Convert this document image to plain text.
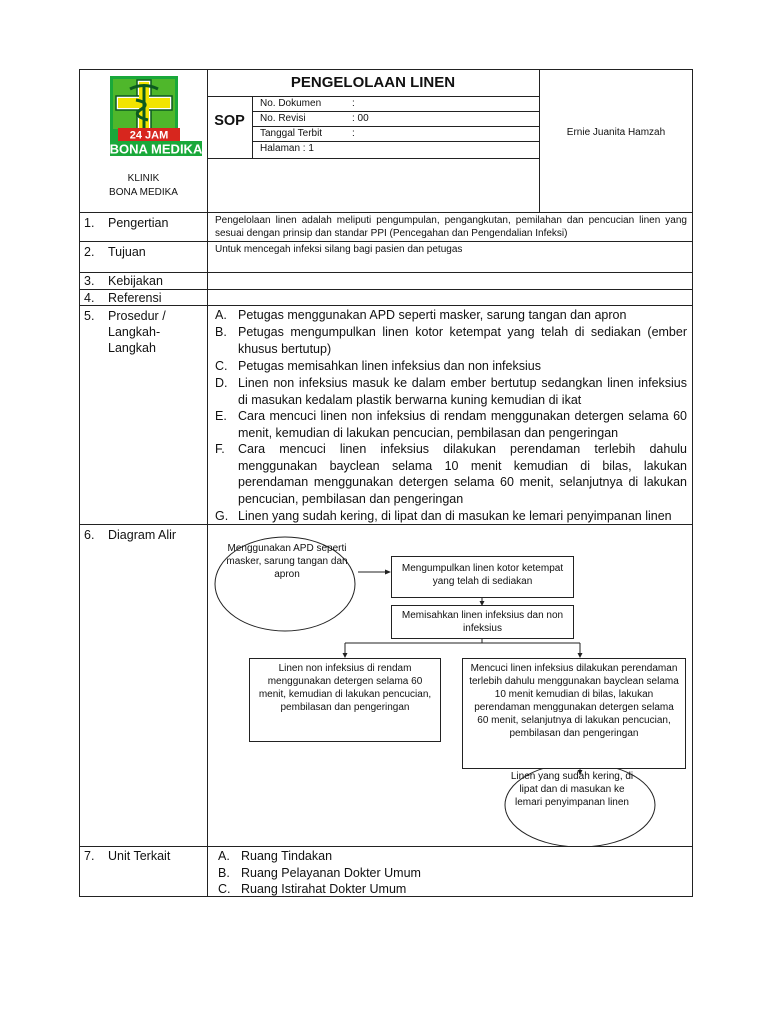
24 JAM
BONA MEDIKA
KLINIK
BONA MEDIKA
PENGELOLAAN LINEN
SOP
No. Dokumen	:
No. Revisi	: 00
Tanggal Terbit	:
Halaman : 1
Ernie Juanita Hamzah
1. Pengertian	Pengelolaan linen adalah meliputi pengumpulan, pengangkutan, pemilahan dan pencucian linen yang sesuai dengan prinsip dan standar PPI (Pencegahan dan Pengendalian Infeksi)
2. Tujuan	Untuk mencegah infeksi silang bagi pasien dan petugas
3. Kebijakan
4. Referensi
5. Prosedur /
Langkah-
Langkah
A. Petugas menggunakan APD seperti masker, sarung tangan dan apron
B. Petugas mengumpulkan linen kotor ketempat yang telah di sediakan (ember khusus bertutup)
C. Petugas memisahkan linen infeksius dan non infeksius
D. Linen non infeksius masuk ke dalam ember bertutup sedangkan linen infeksius di masukan kedalam plastik berwarna kuning kemudian di ikat
E. Cara mencuci linen non infeksius di rendam menggunakan detergen selama 60 menit, kemudian di lakukan pencucian, pembilasan dan pengeringan
F. Cara mencuci linen infeksius dilakukan perendaman terlebih dahulu menggunakan bayclean selama 10 menit kemudian di bilas, lakukan perendaman menggunakan detergen selama 60 menit, selanjutnya di lakukan pencucian, pembilasan dan pengeringan
G. Linen yang sudah kering, di lipat dan di masukan ke lemari penyimpanan linen
6. Diagram Alir
Menggunakan APD seperti masker, sarung tangan dan apron
Mengumpulkan linen kotor ketempat yang telah di sediakan
Memisahkan linen infeksius dan non infeksius
Linen non infeksius di rendam menggunakan detergen selama 60 menit, kemudian di lakukan pencucian, pembilasan dan pengeringan
Mencuci linen infeksius dilakukan perendaman terlebih dahulu menggunakan bayclean selama 10 menit kemudian di bilas, lakukan perendaman menggunakan detergen selama 60 menit, selanjutnya di lakukan pencucian, pembilasan dan pengeringan
Linen yang sudah kering, di lipat dan di masukan ke lemari penyimpanan linen
7. Unit Terkait	A. Ruang Tindakan
B. Ruang Pelayanan Dokter Umum
C. Ruang Istirahat Dokter Umum
